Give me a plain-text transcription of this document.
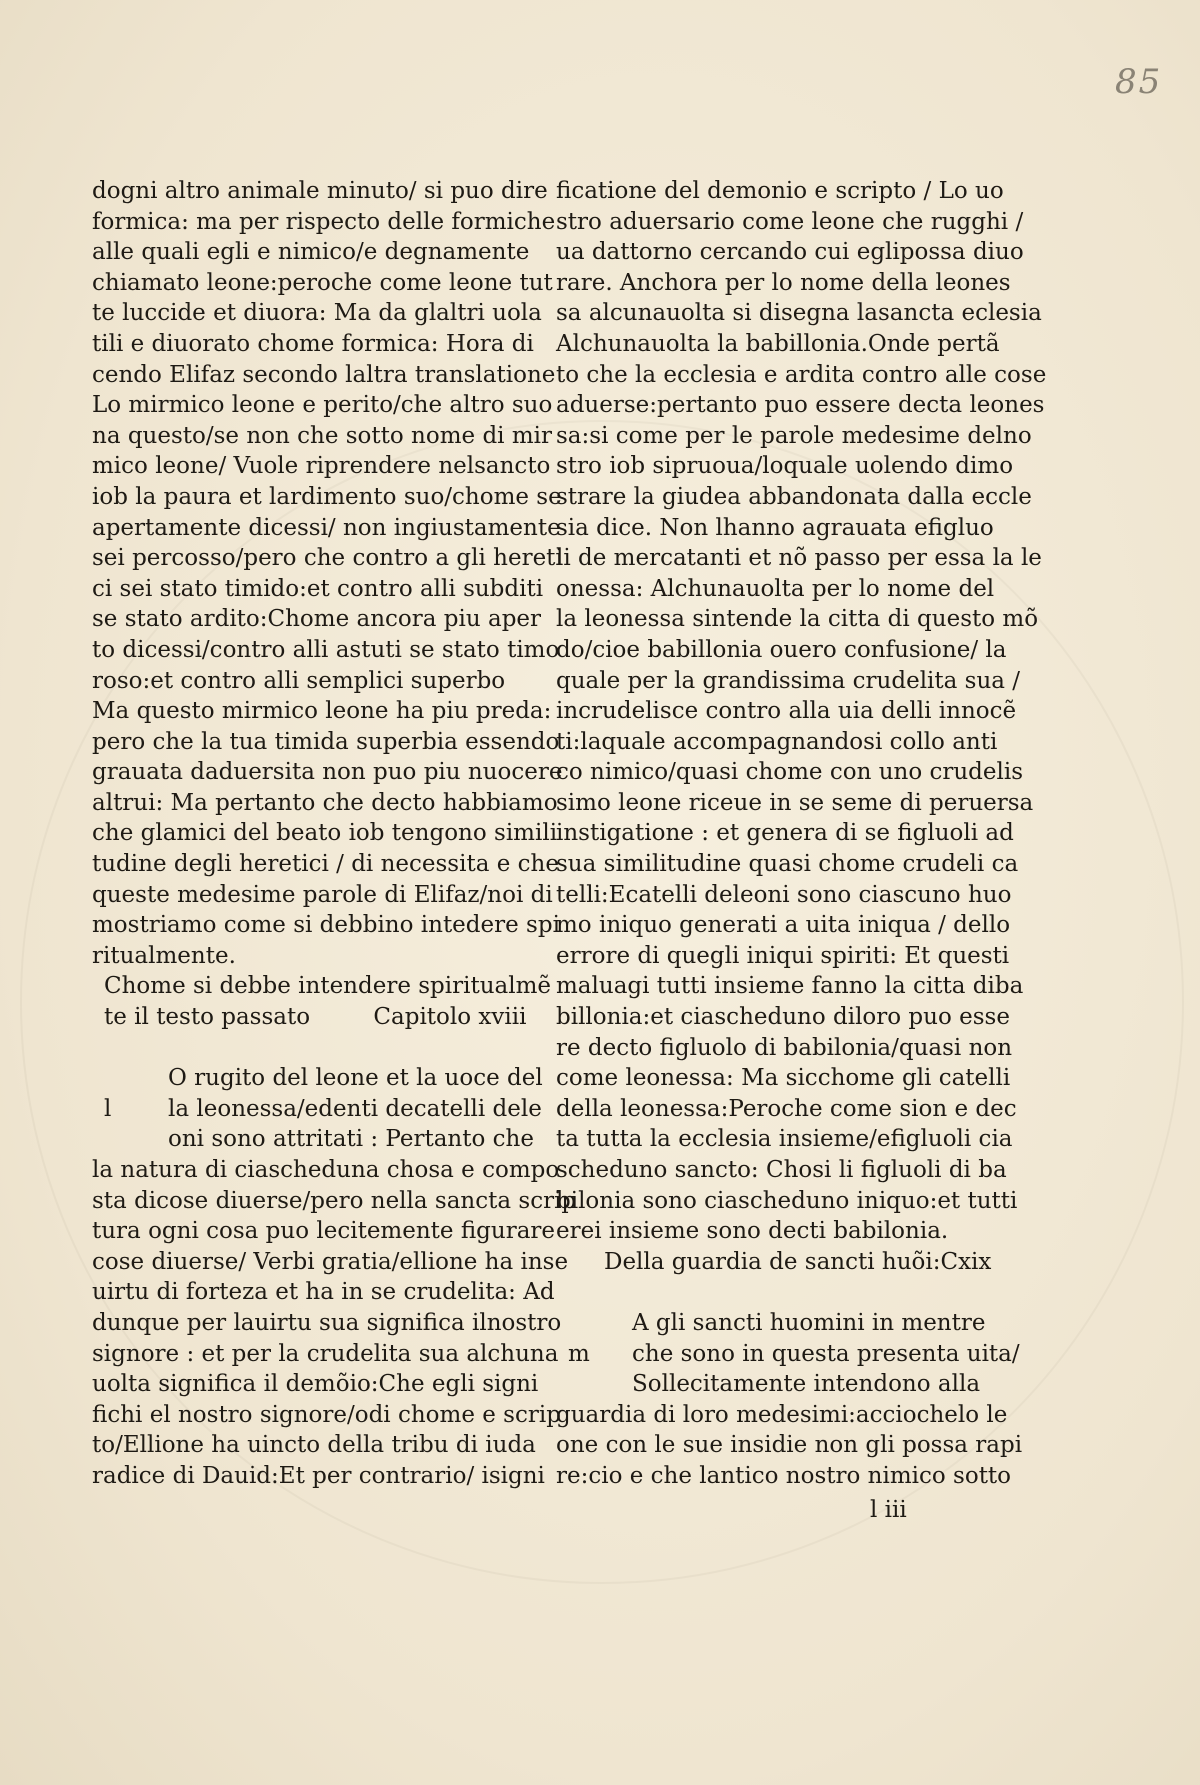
85
dogni altro animale minuto/ si puo dire
formica: ma per rispecto delle formiche
alle quali egli e nimico/e degnamente
chiamato leone:peroche come leone tut
te luccide et diuora: Ma da glaltri uola
tili e diuorato chome formica: Hora di
cendo Elifaz secondo laltra translatione
Lo mirmico leone e perito/che altro suo
na questo/se non che sotto nome di mir
mico leone/ Vuole riprendere nelsancto
iob la paura et lardimento suo/chome se
apertamente dicessi/ non ingiustamente
sei percosso/pero che contro a gli hereti
ci sei stato timido:et contro alli subditi
se stato ardito:Chome ancora piu aper
to dicessi/contro alli astuti se stato timo
roso:et contro alli semplici superbo
Ma questo mirmico leone ha piu preda:
pero che la tua timida superbia essendo
grauata daduersita non puo piu nuocere
altrui: Ma pertanto che decto habbiamo
che glamici del beato iob tengono simili
tudine degli heretici / di necessita e che
queste medesime parole di Elifaz/noi di
mostriamo come si debbino intedere spi
ritualmente.
Chome si debbe intendere spiritualmẽ
te il testo passato	Capitolo xviii
O rugito del leone et la uoce del
la leonessa/edenti decatelli dele
l
oni sono attritati : Pertanto che
la natura di ciascheduna chosa e compo
sta dicose diuerse/pero nella sancta scrip
tura ogni cosa puo lecitemente figurare
cose diuerse/ Verbi gratia/ellione ha inse
uirtu di forteza et ha in se crudelita: Ad
dunque per lauirtu sua significa ilnostro
signore : et per la crudelita sua alchuna
uolta significa il demõio:Che egli signi
fichi el nostro signore/odi chome e scrip
to/Ellione ha uincto della tribu di iuda
radice di Dauid:Et per contrario/ isigni
ficatione del demonio e scripto / Lo uo
stro aduersario come leone che rugghi /
ua dattorno cercando cui eglipossa diuo
rare. Anchora per lo nome della leones
sa alcunauolta si disegna lasancta eclesia
Alchunauolta la babillonia.Onde pertã
to che la ecclesia e ardita contro alle cose
aduerse:pertanto puo essere decta leones
sa:si come per le parole medesime delno
stro iob sipruoua/loquale uolendo dimo
strare la giudea abbandonata dalla eccle
sia dice. Non lhanno agrauata efigluo
li de mercatanti et nõ passo per essa la le
onessa: Alchunauolta per lo nome del
la leonessa sintende la citta di questo mõ
do/cioe babillonia ouero confusione/ la
quale per la grandissima crudelita sua /
incrudelisce contro alla uia delli innocẽ
ti:laquale accompagnandosi collo anti
co nimico/quasi chome con uno crudelis
simo leone riceue in se seme di peruersa
instigatione : et genera di se figluoli ad
sua similitudine quasi chome crudeli ca
telli:Ecatelli deleoni sono ciascuno huo
mo iniquo generati a uita iniqua / dello
errore di quegli iniqui spiriti: Et questi
maluagi tutti insieme fanno la citta diba
billonia:et ciascheduno diloro puo esse
re decto figluolo di babilonia/quasi non
come leonessa: Ma sicchome gli catelli
della leonessa:Peroche come sion e dec
ta tutta la ecclesia insieme/efigluoli cia
scheduno sancto: Chosi li figluoli di ba
bilonia sono ciascheduno iniquo:et tutti
erei insieme sono decti babilonia.
Della guardia de sancti huõi:Cxix
A gli sancti huomini in mentre
che sono in questa presenta uita/
m
Sollecitamente intendono alla
guardia di loro medesimi:acciochelo le
one con le sue insidie non gli possa rapi
re:cio e che lantico nostro nimico sotto
l iii
